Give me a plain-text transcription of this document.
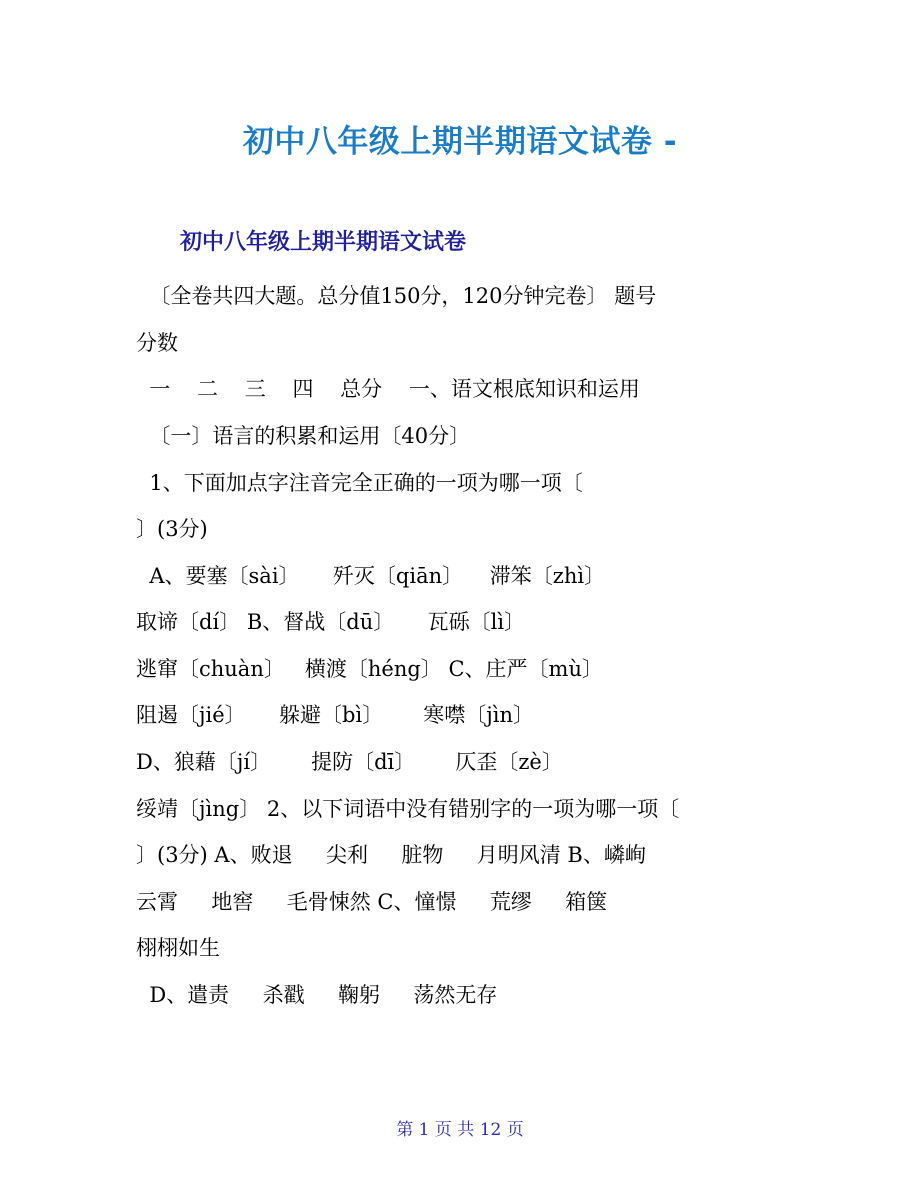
初中八年级上期半期语文试卷 -
初中八年级上期半期语文试卷
〔全卷共四大题。总分值150分，120分钟完卷〕 题号
分数
一    二    三    四    总分    一、语文根底知识和运用
〔一〕语言的积累和运用〔40分〕
1、下面加点字注音完全正确的一项为哪一项〔
〕(3分)
A、要塞〔sài〕     歼灭〔qiān〕    滞笨〔zhì〕
取谛〔dí〕 B、督战〔dū〕     瓦砾〔lì〕
逃窜〔chuàn〕   横渡〔héng〕 C、庄严〔mù〕
阻遏〔jié〕     躲避〔bì〕      寒噤〔jìn〕
D、狼藉〔jí〕      提防〔dī〕      仄歪〔zè〕
绥靖〔jìng〕 2、以下词语中没有错别字的一项为哪一项〔
〕(3分) A、败退     尖利     脏物     月明风清 B、嶙峋
云霄     地窖     毛骨悚然 C、憧憬     荒缪     箱箧
栩栩如生
D、遣责     杀戳     鞠躬     荡然无存
第 1 页 共 12 页
